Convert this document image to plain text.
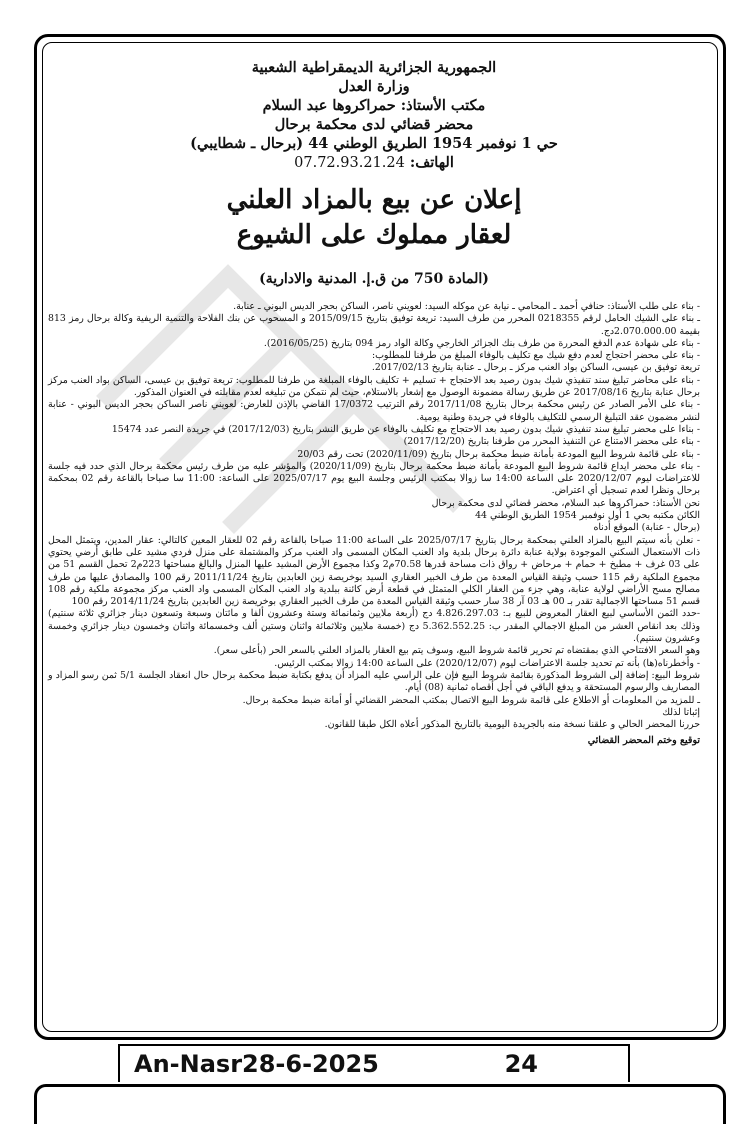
الجمهورية الجزائرية الديمقراطية الشعبية
وزارة العدل
مكتب الأستاذ: حمراكروها عبد السلام
محضر قضائي لدى محكمة برحال
حي 1 نوفمبر 1954 الطريق الوطني 44 (برحال ـ شطايبي)
الهاتف: 07.72.93.21.24
إعلان عن بيع بالمزاد العلني
لعقار مملوك على الشيوع
(المادة 750 من ق.إ. المدنية والادارية)

- بناء على طلب الأستاذ: حنافي أحمد ـ المحامي ـ نيابة عن موكله السيد: لعويني ناصر، الساكن بحجر الديس البوني ـ عنابة.

ـ بناء على الشيك الحامل لرقم 0218355 المحرر من طرف السيد: تريعة توفيق بتاريخ 2015/09/15 و المسحوب عن بنك الفلاحة والتنمية الريفية وكالة برحال رمز 813 بقيمة 2.070.000.00دج.

- بناء على شهادة عدم الدفع المحررة من طرف بنك الجزائر الخارجي وكالة الواد رمز 094 بتاريخ (2016/05/25).

- بناء على محضر احتجاج لعدم دفع شيك مع تكليف بالوفاء المبلغ من طرفنا للمطلوب:

تريعة توفيق بن عيسى، الساكن بواد العنب مركز ـ برحال ـ عنابة بتاريخ 2017/02/13.

- بناء على محاضر تبليغ سند تنفيذي شيك بدون رصيد بعد الاحتجاج + تسليم + تكليف بالوفاء المبلغة من طرفنا للمطلوب: تريعة توفيق بن عيسى، الساكن بواد العنب مركز برحال عنابة بتاريخ 2017/08/16 عن طريق رسالة مضمونة الوصول مع إشعار بالاستلام، حيث لم نتمكن من تبليغه لعدم مقابلته في العنوان المذكور.

- بناء على الأمر الصادر عن رئيس محكمة برحال بتاريخ 2017/11/08 رقم الترتيب 17/0372 القاضي بالإذن للعارض: لعويني ناصر الساكن بحجر الديس البوني - عنابة لنشر مضمون عقد التبليغ الرسمي للتكليف بالوفاء في جريدة وطنية يومية.

- بناءا على محضر تبليغ سند تنفيذي شيك بدون رصيد بعد الاحتجاج مع تكليف بالوفاء عن طريق النشر بتاريخ (2017/12/03) في جريدة النصر عدد 15474

- بناء على محضر الامتناع عن التنفيذ المحرر من طرفنا بتاريخ (2017/12/20)

- بناء على قائمة شروط البيع المودعة بأمانة ضبط محكمة برحال بتاريخ (2020/11/09) تحت رقم 20/03

- بناء على محضر ايداع قائمة شروط البيع المودعة بأمانة ضبط محكمة برحال بتاريخ (2020/11/09) والمؤشر عليه من طرف رئيس محكمة برحال الذي حدد فيه جلسة للاعتراضات ليوم 2020/12/07 على الساعة 14:00 سا زوالا بمكتب الرئيس وجلسة البيع يوم 2025/07/17 على الساعة: 11:00 سا صباحا بالقاعة رقم 02 بمحكمة برحال ونظرا لعدم تسجيل أي اعتراض.

نحن الأستاذ: حمراكروها عبد السلام، محضر قضائي لدى محكمة برحال

الكائن مكتبه بحي 1 أول نوفمبر 1954 الطريق الوطني 44

(برحال - عنابة) الموقع أدناه

- نعلن بأنه سيتم البيع بالمزاد العلني بمحكمة برحال بتاريخ 2025/07/17 على الساعة 11:00 صباحا بالقاعة رقم 02 للعقار المعين كالتالي: عقار المدين، ويتمثل المحل ذات الاستعمال السكني الموجودة بولاية عنابة دائرة برحال بلدية واد العنب المكان المسمى واد العنب مركز والمشتملة على منزل فردي مشيد على طابق أرضي يحتوي على 03 غرف + مطبخ + حمام + مرحاض + رواق ذات مساحة قدرها 70.58م2 وكذا مجموع الأرض المشيد عليها المنزل والبالغ مساحتها 223م2 تحمل القسم 51 من مجموع الملكية رقم 115 حسب وثيقة القياس المعدة من طرف الخبير العقاري السيد بوخريصة زين العابدين بتاريخ 2011/11/24 رقم 100 والمصادق عليها من طرف مصالح مسح الأراضي لولاية عنابة، وهي جزء من العقار الكلي المتمثل في قطعة أرض كائنة ببلدية واد العنب المكان المسمى واد العنب مركز مجموعة ملكية رقم 108 قسم 51 مساحتها الاجمالية تقدر بـ 00 هـ 03 آر 38 سار حسب وثيقة القياس المعدة من طرف الخبير العقاري بوخريصة زين العابدين بتاريخ 2014/11/24 رقم 100

-حدد الثمن الأساسي لبيع العقار المعروض للبيع بـ: 4.826.297.03 دج (أربعة ملايين وثمانمائة وستة وعشرون ألفا و مائتان وسبعة وتسعون دينار جزائري ثلاثة سنتيم) وذلك بعد انقاص العشر من المبلغ الاجمالي المقدر ب: 5.362.552.25 دج (خمسة ملايين وثلاثمائة واثنان وستين ألف وخمسمائة واثنان وخمسون دينار جزائري وخمسة وعشرون سنتيم).

وهو السعر الافتتاحي الذي بمقتضاه تم تحرير قائمة شروط البيع، وسوف يتم بيع العقار بالمزاد العلني بالسعر الحر (بأعلى سعر).

- وأخطرناه(ها) بأنه تم تحديد جلسة الاعتراضات ليوم (2020/12/07) على الساعة 14:00 زوالا بمكتب الرئيس.

شروط البيع: إضافة إلى الشروط المذكورة بقائمة شروط البيع فإن على الراسي عليه المزاد أن يدفع بكتابة ضبط محكمة برحال حال انعقاد الجلسة 5/1 ثمن رسو المزاد و المصاريف والرسوم المستحقة و يدفع الباقي في أجل أقصاه ثمانية (08) أيام.

ـ للمزيد من المعلومات أو الاطلاع على قائمة شروط البيع الاتصال بمكتب المحضر القضائي أو أمانة ضبط محكمة برحال.

إثباتا لذلك

حررنا المحضر الحالي و علقنا نسخة منه بالجريدة اليومية بالتاريخ المذكور أعلاه الكل طبقا للقانون.

توقيع وختم المحضر القضائي
An-Nasr28-6-2025	24
